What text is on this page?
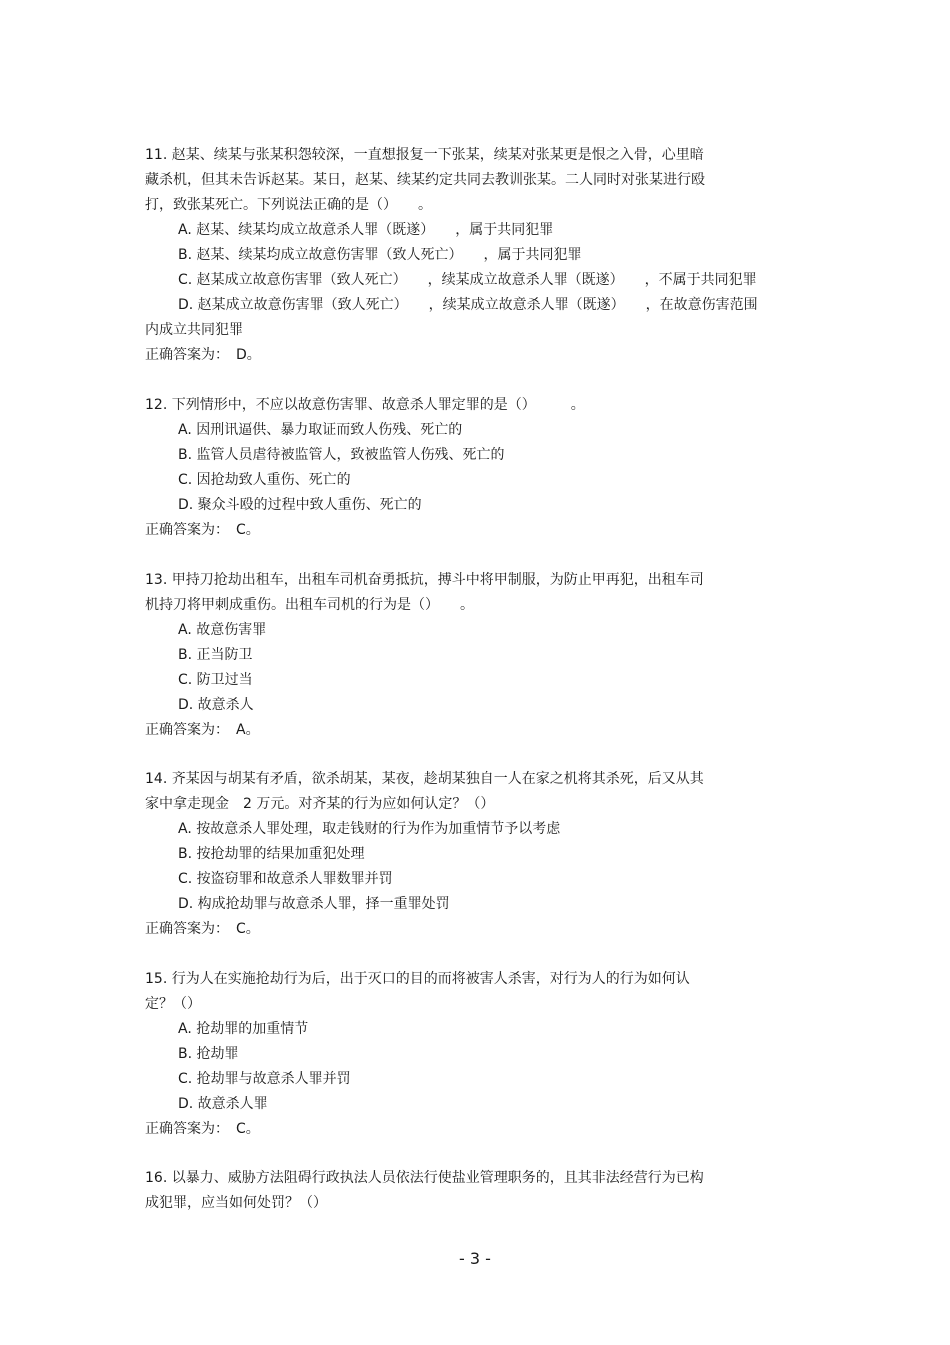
11. 赵某、续某与张某积怨较深，一直想报复一下张某，续某对张某更是恨之入骨，心里暗
藏杀机，但其未告诉赵某。某日，赵某、续某约定共同去教训张某。二人同时对张某进行殴
打，致张某死亡。下列说法正确的是（）　　。
A. 赵某、续某均成立故意杀人罪（既遂）　　，属于共同犯罪
B. 赵某、续某均成立故意伤害罪（致人死亡）　　，属于共同犯罪
C. 赵某成立故意伤害罪（致人死亡）　　，续某成立故意杀人罪（既遂）　　，不属于共同犯罪
D. 赵某成立故意伤害罪（致人死亡）　　，续某成立故意杀人罪（既遂）　　，在故意伤害范围
内成立共同犯罪
正确答案为：　D。
12. 下列情形中，不应以故意伤害罪、故意杀人罪定罪的是（）　　　。
A. 因刑讯逼供、暴力取证而致人伤残、死亡的
B. 监管人员虐待被监管人，致被监管人伤残、死亡的
C. 因抢劫致人重伤、死亡的
D. 聚众斗殴的过程中致人重伤、死亡的
正确答案为：　C。
13. 甲持刀抢劫出租车，出租车司机奋勇抵抗，搏斗中将甲制服，为防止甲再犯，出租车司
机持刀将甲刺成重伤。出租车司机的行为是（）　　。
A. 故意伤害罪
B. 正当防卫
C. 防卫过当
D. 故意杀人
正确答案为：　A。
14. 齐某因与胡某有矛盾，欲杀胡某，某夜，趁胡某独自一人在家之机将其杀死，后又从其
家中拿走现金　2 万元。对齐某的行为应如何认定？（）
A. 按故意杀人罪处理，取走钱财的行为作为加重情节予以考虑
B. 按抢劫罪的结果加重犯处理
C. 按盗窃罪和故意杀人罪数罪并罚
D. 构成抢劫罪与故意杀人罪，择一重罪处罚
正确答案为：　C。
15. 行为人在实施抢劫行为后，出于灭口的目的而将被害人杀害，对行为人的行为如何认
定？（）
A. 抢劫罪的加重情节
B. 抢劫罪
C. 抢劫罪与故意杀人罪并罚
D. 故意杀人罪
正确答案为：　C。
16. 以暴力、威胁方法阻碍行政执法人员依法行使盐业管理职务的，且其非法经营行为已构
成犯罪，应当如何处罚？（）
- 3 -
